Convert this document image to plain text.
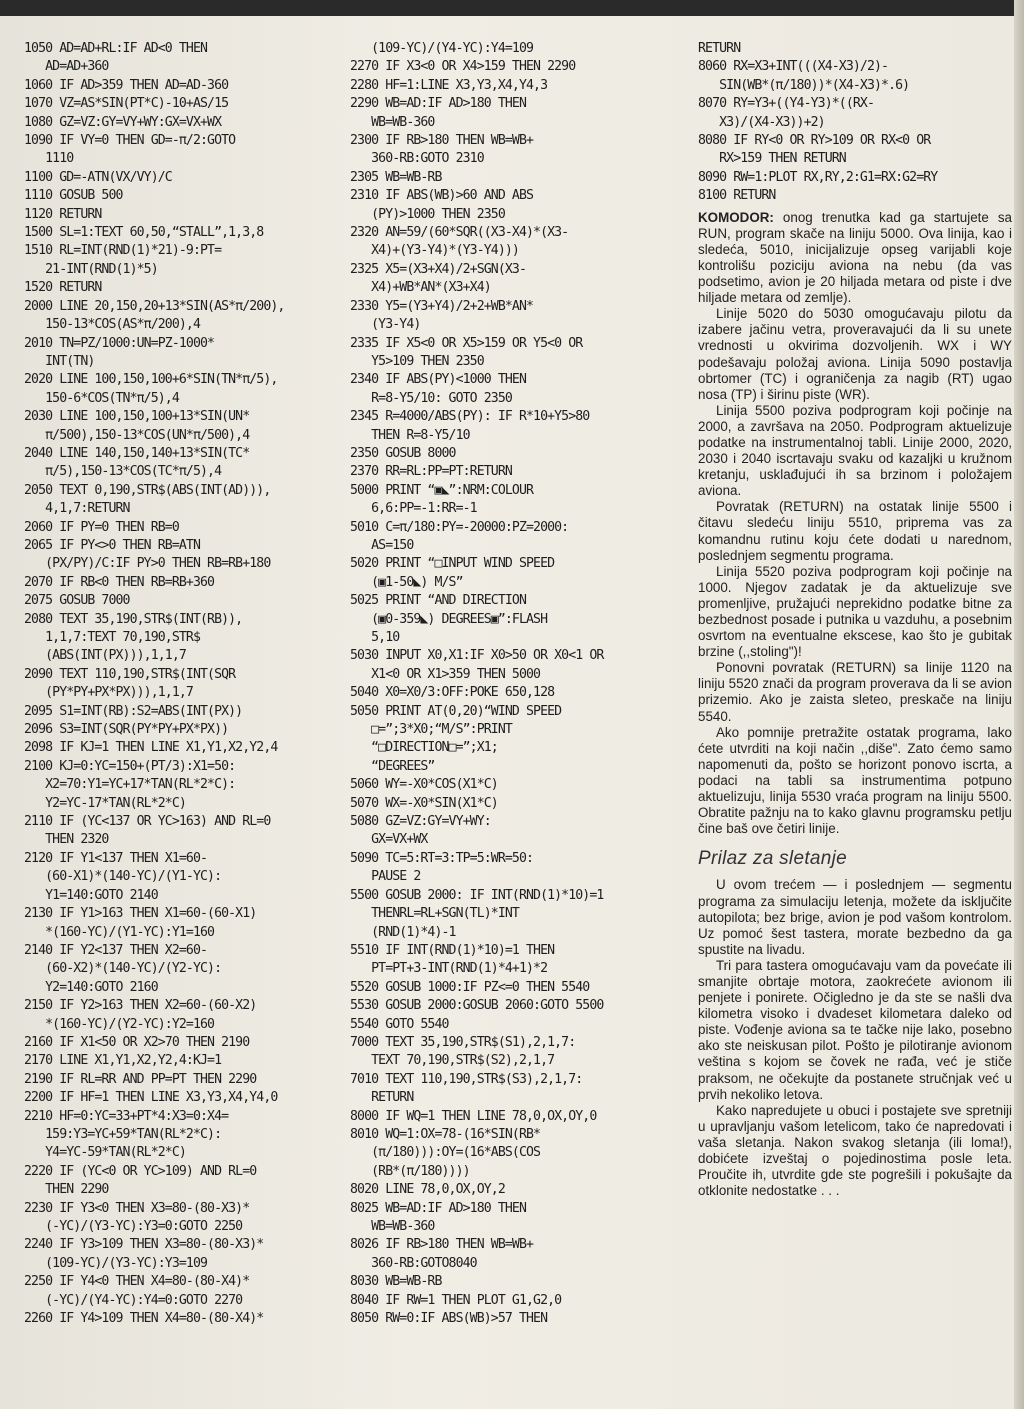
1050 AD=AD+RL:IF AD<0 THEN
AD=AD+360
1060 IF AD>359 THEN AD=AD-360
1070 VZ=AS*SIN(PT*C)-10+AS/15
1080 GZ=VZ:GY=VY+WY:GX=VX+WX
1090 IF VY=0 THEN GD=-π/2:GOTO
1110
1100 GD=-ATN(VX/VY)/C
1110 GOSUB 500
1120 RETURN
1500 SL=1:TEXT 60,50,“STALL”,1,3,8
1510 RL=INT(RND(1)*21)-9:PT=
21-INT(RND(1)*5)
1520 RETURN
2000 LINE 20,150,20+13*SIN(AS*π/200),
150-13*COS(AS*π/200),4
2010 TN=PZ/1000:UN=PZ-1000*
INT(TN)
2020 LINE 100,150,100+6*SIN(TN*π/5),
150-6*COS(TN*π/5),4
2030 LINE 100,150,100+13*SIN(UN*
π/500),150-13*COS(UN*π/500),4
2040 LINE 140,150,140+13*SIN(TC*
π/5),150-13*COS(TC*π/5),4
2050 TEXT 0,190,STR$(ABS(INT(AD))),
4,1,7:RETURN
2060 IF PY=0 THEN RB=0
2065 IF PY<>0 THEN RB=ATN
(PX/PY)/C:IF PY>0 THEN RB=RB+180
2070 IF RB<0 THEN RB=RB+360
2075 GOSUB 7000
2080 TEXT 35,190,STR$(INT(RB)),
1,1,7:TEXT 70,190,STR$
(ABS(INT(PX))),1,1,7
2090 TEXT 110,190,STR$(INT(SQR
(PY*PY+PX*PX))),1,1,7
2095 S1=INT(RB):S2=ABS(INT(PX))
2096 S3=INT(SQR(PY*PY+PX*PX))
2098 IF KJ=1 THEN LINE X1,Y1,X2,Y2,4
2100 KJ=0:YC=150+(PT/3):X1=50:
X2=70:Y1=YC+17*TAN(RL*2*C):
Y2=YC-17*TAN(RL*2*C)
2110 IF (YC<137 OR YC>163) AND RL=0
THEN 2320
2120 IF Y1<137 THEN X1=60-
(60-X1)*(140-YC)/(Y1-YC):
Y1=140:GOTO 2140
2130 IF Y1>163 THEN X1=60-(60-X1)
*(160-YC)/(Y1-YC):Y1=160
2140 IF Y2<137 THEN X2=60-
(60-X2)*(140-YC)/(Y2-YC):
Y2=140:GOTO 2160
2150 IF Y2>163 THEN X2=60-(60-X2)
*(160-YC)/(Y2-YC):Y2=160
2160 IF X1<50 OR X2>70 THEN 2190
2170 LINE X1,Y1,X2,Y2,4:KJ=1
2190 IF RL=RR AND PP=PT THEN 2290
2200 IF HF=1 THEN LINE X3,Y3,X4,Y4,0
2210 HF=0:YC=33+PT*4:X3=0:X4=
159:Y3=YC+59*TAN(RL*2*C):
Y4=YC-59*TAN(RL*2*C)
2220 IF (YC<0 OR YC>109) AND RL=0
THEN 2290
2230 IF Y3<0 THEN X3=80-(80-X3)*
(-YC)/(Y3-YC):Y3=0:GOTO 2250
2240 IF Y3>109 THEN X3=80-(80-X3)*
(109-YC)/(Y3-YC):Y3=109
2250 IF Y4<0 THEN X4=80-(80-X4)*
(-YC)/(Y4-YC):Y4=0:GOTO 2270
2260 IF Y4>109 THEN X4=80-(80-X4)*
(109-YC)/(Y4-YC):Y4=109
2270 IF X3<0 OR X4>159 THEN 2290
2280 HF=1:LINE X3,Y3,X4,Y4,3
2290 WB=AD:IF AD>180 THEN
WB=WB-360
2300 IF RB>180 THEN WB=WB+
360-RB:GOTO 2310
2305 WB=WB-RB
2310 IF ABS(WB)>60 AND ABS
(PY)>1000 THEN 2350
2320 AN=59/(60*SQR((X3-X4)*(X3-
X4)+(Y3-Y4)*(Y3-Y4)))
2325 X5=(X3+X4)/2+SGN(X3-
X4)+WB*AN*(X3+X4)
2330 Y5=(Y3+Y4)/2+2+WB*AN*
(Y3-Y4)
2335 IF X5<0 OR X5>159 OR Y5<0 OR
Y5>109 THEN 2350
2340 IF ABS(PY)<1000 THEN
R=8-Y5/10: GOTO 2350
2345 R=4000/ABS(PY): IF R*10+Y5>80
THEN R=8-Y5/10
2350 GOSUB 8000
2370 RR=RL:PP=PT:RETURN
5000 PRINT “▣◣”:NRM:COLOUR
6,6:PP=-1:RR=-1
5010 C=π/180:PY=-20000:PZ=2000:
AS=150
5020 PRINT “□INPUT WIND SPEED
(▣1-50◣) M/S”
5025 PRINT “AND DIRECTION
(▣0-359◣) DEGREES▣”:FLASH
5,10
5030 INPUT X0,X1:IF X0>50 OR X0<1 OR
X1<0 OR X1>359 THEN 5000
5040 X0=X0/3:OFF:POKE 650,128
5050 PRINT AT(0,20)“WIND SPEED
□=”;3*X0;“M/S”:PRINT
“□DIRECTION□=”;X1;
“DEGREES”
5060 WY=-X0*COS(X1*C)
5070 WX=-X0*SIN(X1*C)
5080 GZ=VZ:GY=VY+WY:
GX=VX+WX
5090 TC=5:RT=3:TP=5:WR=50:
PAUSE 2
5500 GOSUB 2000: IF INT(RND(1)*10)=1
THENRL=RL+SGN(TL)*INT
(RND(1)*4)-1
5510 IF INT(RND(1)*10)=1 THEN
PT=PT+3-INT(RND(1)*4+1)*2
5520 GOSUB 1000:IF PZ<=0 THEN 5540
5530 GOSUB 2000:GOSUB 2060:GOTO 5500
5540 GOTO 5540
7000 TEXT 35,190,STR$(S1),2,1,7:
TEXT 70,190,STR$(S2),2,1,7
7010 TEXT 110,190,STR$(S3),2,1,7:
RETURN
8000 IF WQ=1 THEN LINE 78,0,OX,OY,0
8010 WQ=1:OX=78-(16*SIN(RB*
(π/180))):OY=(16*ABS(COS
(RB*(π/180))))
8020 LINE 78,0,OX,OY,2
8025 WB=AD:IF AD>180 THEN
WB=WB-360
8026 IF RB>180 THEN WB=WB+
360-RB:GOTO8040
8030 WB=WB-RB
8040 IF RW=1 THEN PLOT G1,G2,0
8050 RW=0:IF ABS(WB)>57 THEN
RETURN
8060 RX=X3+INT(((X4-X3)/2)-
SIN(WB*(π/180))*(X4-X3)*.6)
8070 RY=Y3+((Y4-Y3)*((RX-
X3)/(X4-X3))+2)
8080 IF RY<0 OR RY>109 OR RX<0 OR
RX>159 THEN RETURN
8090 RW=1:PLOT RX,RY,2:G1=RX:G2=RY
8100 RETURN

KOMODOR: onog trenutka kad ga startujete sa RUN, program skače na liniju 5000. Ova linija, kao i sledeća, 5010, inicijalizuje opseg varijabli koje kontrolišu poziciju aviona na nebu (da vas podsetimo, avion je 20 hiljada metara od piste i dve hiljade metara od zemlje).

Linije 5020 do 5030 omogućavaju pilotu da izabere jačinu vetra, proveravajući da li su unete vrednosti u okvirima dozvoljenih. WX i WY podešavaju položaj aviona. Linija 5090 postavlja obrtomer (TC) i ograničenja za nagib (RT) ugao nosa (TP) i širinu piste (WR).

Linija 5500 poziva podprogram koji počinje na 2000, a završava na 2050. Podprogram aktuelizuje podatke na instrumentalnoj tabli. Linije 2000, 2020, 2030 i 2040 iscrtavaju svaku od kazaljki u kružnom kretanju, usklađujući ih sa brzinom i položajem aviona.

Povratak (RETURN) na ostatak linije 5500 i čitavu sledeću liniju 5510, priprema vas za komandnu rutinu koju ćete dodati u narednom, poslednjem segmentu programa.

Linija 5520 poziva podprogram koji počinje na 1000. Njegov zadatak je da aktuelizuje sve promenljive, pružajući neprekidno podatke bitne za bezbednost posade i putnika u vazduhu, a posebnim osvrtom na eventualne ekscese, kao što je gubitak brzine (,,stoling")!

Ponovni povratak (RETURN) sa linije 1120 na liniju 5520 znači da program proverava da li se avion prizemio. Ako je zaista sleteo, preskače na liniju 5540.

Ako pomnije pretražite ostatak programa, lako ćete utvrditi na koji način ,,diše". Zato ćemo samo napomenuti da, pošto se horizont ponovo iscrta, a podaci na tabli sa instrumentima potpuno aktuelizuju, linija 5530 vraća program na liniju 5500. Obratite pažnju na to kako glavnu programsku petlju čine baš ove četiri linije.

Prilaz za sletanje

U ovom trećem — i poslednjem — segmentu programa za simulaciju letenja, možete da isključite autopilota; bez brige, avion je pod vašom kontrolom. Uz pomoć šest tastera, morate bezbedno da ga spustite na livadu.

Tri para tastera omogućavaju vam da povećate ili smanjite obrtaje motora, zaokrećete avionom ili penjete i ponirete. Očigledno je da ste se našli dva kilometra visoko i dvadeset kilometara daleko od piste. Vođenje aviona sa te tačke nije lako, posebno ako ste neiskusan pilot. Pošto je pilotiranje avionom veština s kojom se čovek ne rađa, već je stiče praksom, ne očekujte da postanete stručnjak već u prvih nekoliko letova.

Kako napredujete u obuci i postajete sve spretniji u upravljanju vašom letelicom, tako će napredovati i vaša sletanja. Nakon svakog sletanja (ili loma!), dobićete izveštaj o pojedinostima posle leta. Proučite ih, utvrdite gde ste pogrešili i pokušajte da otklonite nedostatke . . .
